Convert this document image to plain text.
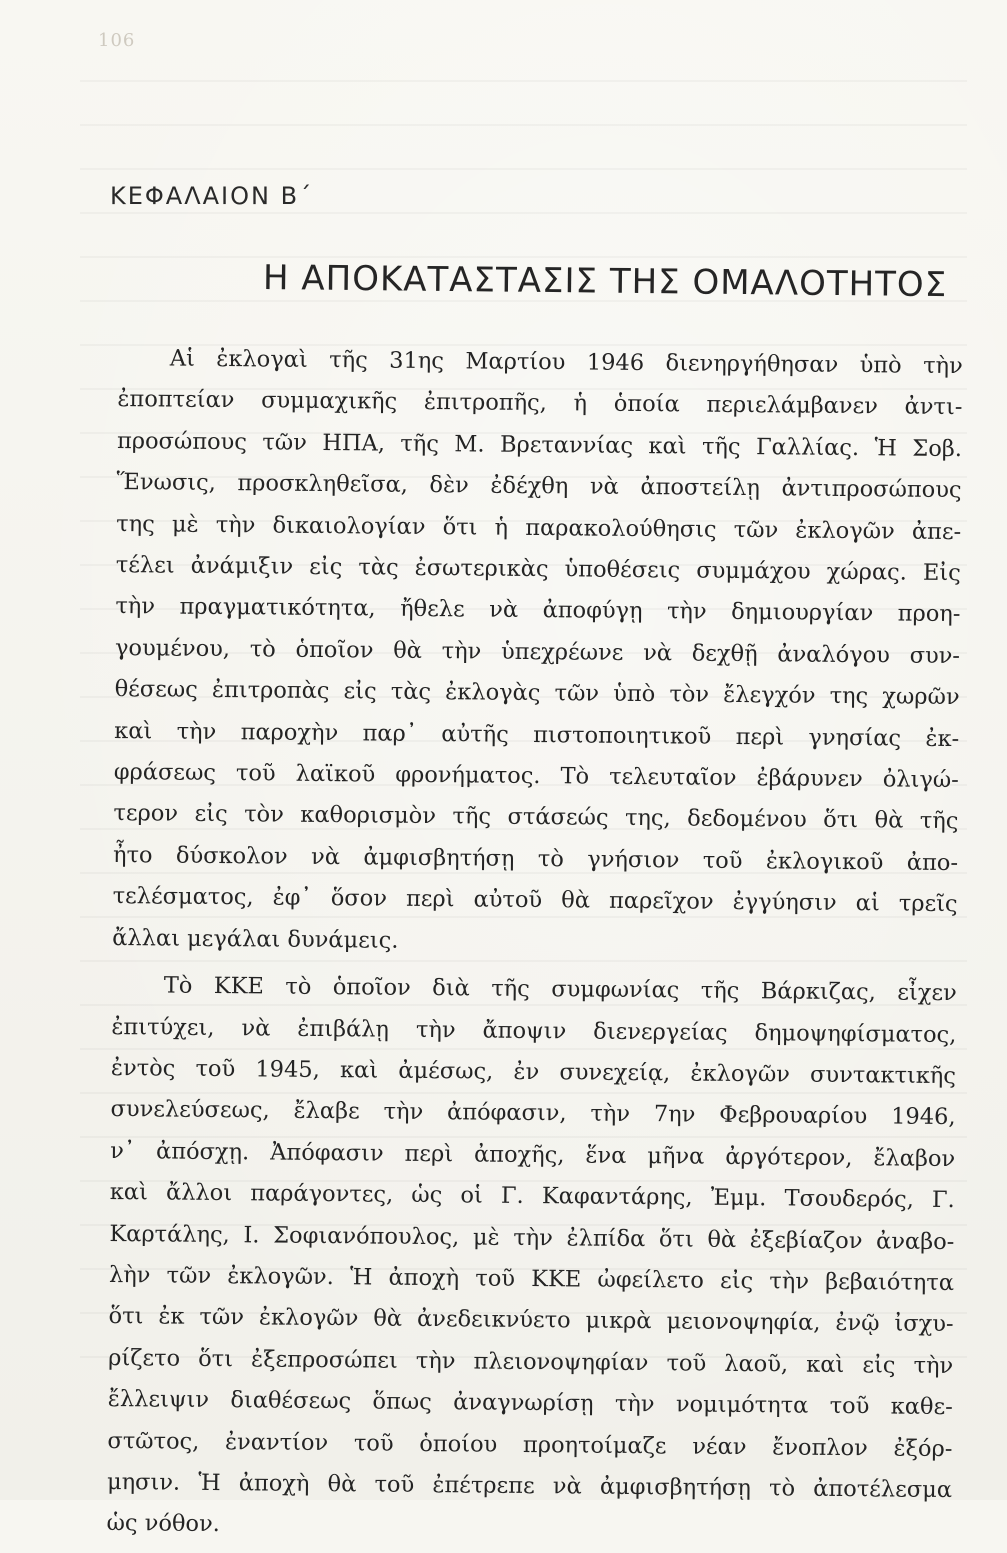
106
ΚΕΦΑΛΑΙΟΝ Β΄
Η ΑΠΟΚΑΤΑΣΤΑΣΙΣ ΤΗΣ ΟΜΑΛΟΤΗΤΟΣ
Αἱ ἐκλογαὶ τῆς 31ης Μαρτίου 1946 διενηργήθησαν ὑπὸ τὴν
ἐποπτείαν συμμαχικῆς ἐπιτροπῆς, ἡ ὁποία περιελάμβανεν ἀντι-
προσώπους τῶν ΗΠΑ, τῆς Μ. Βρεταννίας καὶ τῆς Γαλλίας. Ἡ Σοβ.
Ἕνωσις, προσκληθεῖσα, δὲν ἐδέχθη νὰ ἀποστείλῃ ἀντιπροσώπους
της μὲ τὴν δικαιολογίαν ὅτι ἡ παρακολούθησις τῶν ἐκλογῶν ἀπε-
τέλει ἀνάμιξιν εἰς τὰς ἐσωτερικὰς ὑποθέσεις συμμάχου χώρας. Εἰς
τὴν πραγματικότητα, ἤθελε νὰ ἀποφύγῃ τὴν δημιουργίαν προη-
γουμένου, τὸ ὁποῖον θὰ τὴν ὑπεχρέωνε νὰ δεχθῇ ἀναλόγου συν-
θέσεως ἐπιτροπὰς εἰς τὰς ἐκλογὰς τῶν ὑπὸ τὸν ἔλεγχόν της χωρῶν
καὶ τὴν παροχὴν παρ᾽ αὐτῆς πιστοποιητικοῦ περὶ γνησίας ἐκ-
φράσεως τοῦ λαϊκοῦ φρονήματος. Τὸ τελευταῖον ἐβάρυνεν ὀλιγώ-
τερον εἰς τὸν καθορισμὸν τῆς στάσεώς της, δεδομένου ὅτι θὰ τῆς
ἦτο δύσκολον νὰ ἀμφισβητήσῃ τὸ γνήσιον τοῦ ἐκλογικοῦ ἀπο-
τελέσματος, ἐφ᾽ ὅσον περὶ αὐτοῦ θὰ παρεῖχον ἐγγύησιν αἱ τρεῖς
ἄλλαι μεγάλαι δυνάμεις.
Τὸ ΚΚΕ τὸ ὁποῖον διὰ τῆς συμφωνίας τῆς Βάρκιζας, εἶχεν
ἐπιτύχει, νὰ ἐπιβάλῃ τὴν ἄποψιν διενεργείας δημοψηφίσματος,
ἐντὸς τοῦ 1945, καὶ ἀμέσως, ἐν συνεχείᾳ, ἐκλογῶν συντακτικῆς
συνελεύσεως, ἔλαβε τὴν ἀπόφασιν, τὴν 7ην Φεβρουαρίου 1946,
ν᾽ ἀπόσχῃ. Ἀπόφασιν περὶ ἀποχῆς, ἕνα μῆνα ἀργότερον, ἔλαβον
καὶ ἄλλοι παράγοντες, ὡς οἱ Γ. Καφαντάρης, Ἐμμ. Τσουδερός, Γ.
Καρτάλης, Ι. Σοφιανόπουλος, μὲ τὴν ἐλπίδα ὅτι θὰ ἐξεβίαζον ἀναβο-
λὴν τῶν ἐκλογῶν. Ἡ ἀποχὴ τοῦ ΚΚΕ ὠφείλετο εἰς τὴν βεβαιότητα
ὅτι ἐκ τῶν ἐκλογῶν θὰ ἀνεδεικνύετο μικρὰ μειονοψηφία, ἐνῷ ἰσχυ-
ρίζετο ὅτι ἐξεπροσώπει τὴν πλειονοψηφίαν τοῦ λαοῦ, καὶ εἰς τὴν
ἔλλειψιν διαθέσεως ὅπως ἀναγνωρίσῃ τὴν νομιμότητα τοῦ καθε-
στῶτος, ἐναντίον τοῦ ὁποίου προητοίμαζε νέαν ἔνοπλον ἐξόρ-
μησιν. Ἡ ἀποχὴ θὰ τοῦ ἐπέτρεπε νὰ ἀμφισβητήσῃ τὸ ἀποτέλεσμα
ὡς νόθον.
